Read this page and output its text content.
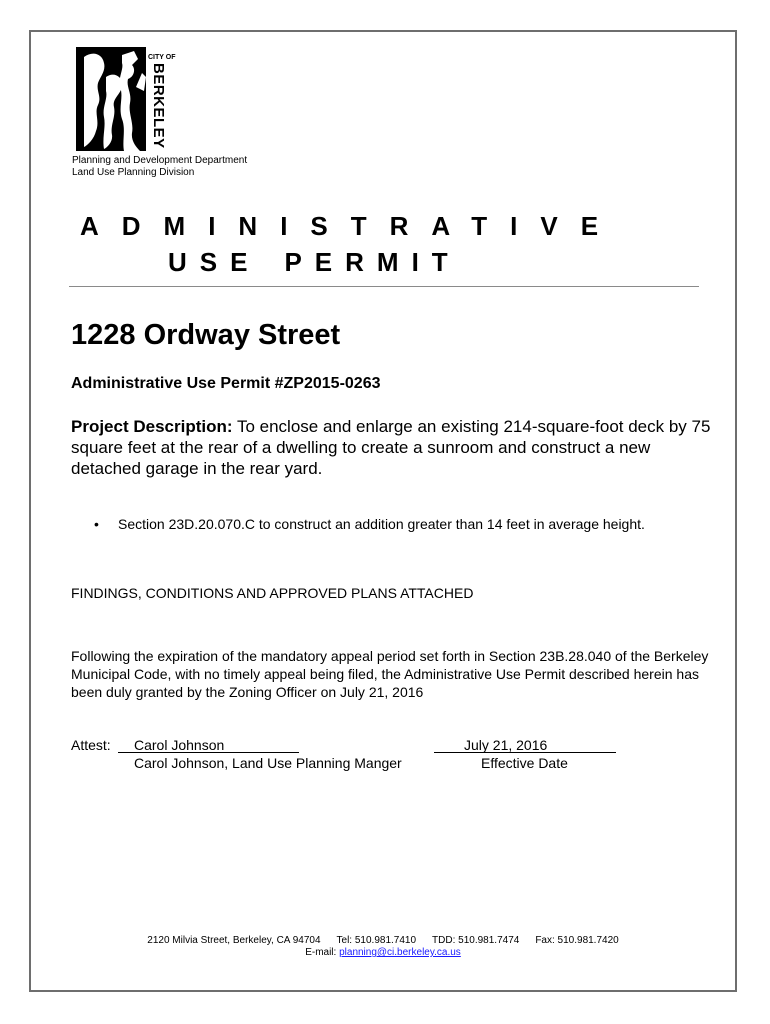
CITY OF
BERKELEY
Planning and Development Department
Land Use Planning Division
ADMINISTRATIVE
USE PERMIT
1228 Ordway Street
Administrative Use Permit #ZP2015-0263
Project Description: To enclose and enlarge an existing 214-square-foot deck by 75 square feet at the rear of a dwelling to create a sunroom and construct a new detached garage in the rear yard.
• Section 23D.20.070.C to construct an addition greater than 14 feet in average height.
FINDINGS, CONDITIONS AND APPROVED PLANS ATTACHED
Following the expiration of the mandatory appeal period set forth in Section 23B.28.040 of the Berkeley Municipal Code, with no timely appeal being filed, the Administrative Use Permit described herein has been duly granted by the Zoning Officer on July 21, 2016
Attest:	Carol Johnson
Carol Johnson, Land Use Planning Manger
July 21, 2016
Effective Date
2120 Milvia Street, Berkeley, CA 94704 Tel: 510.981.7410 TDD: 510.981.7474 Fax: 510.981.7420
E-mail: planning@ci.berkeley.ca.us
